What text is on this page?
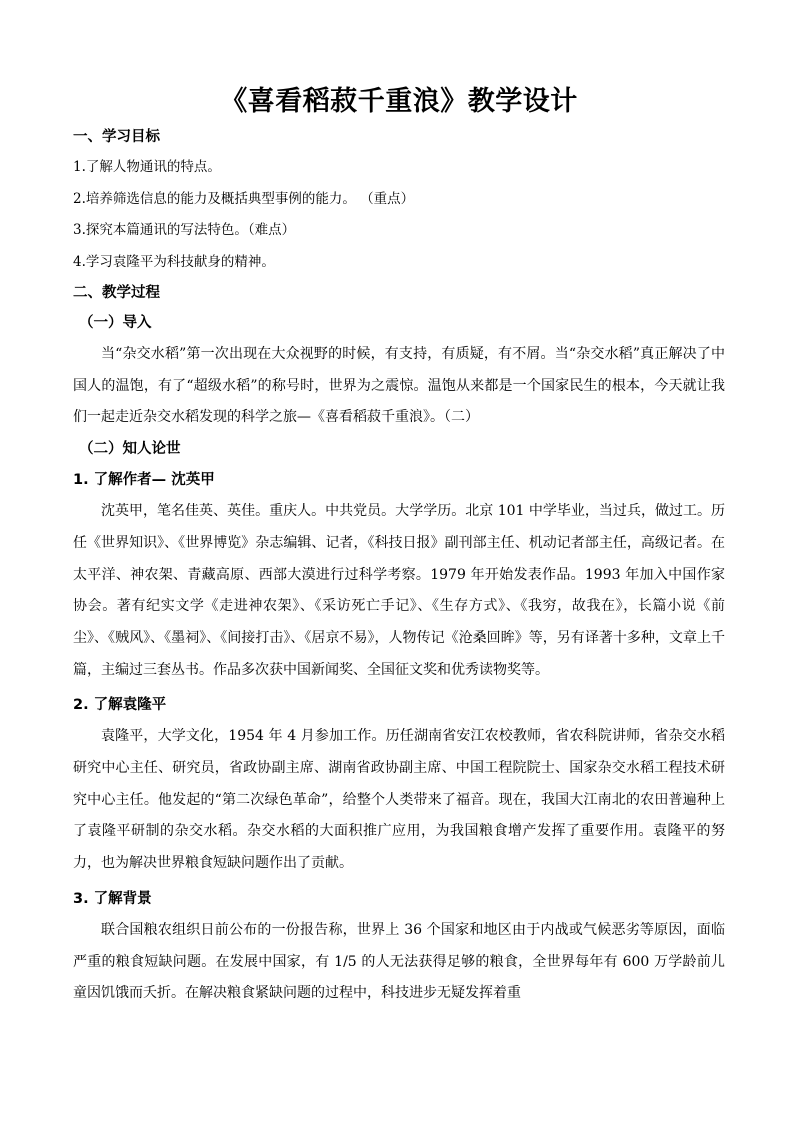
《喜看稻菽千重浪》教学设计
一、学习目标
1.了解人物通讯的特点。
2.培养筛选信息的能力及概括典型事例的能力。 （重点）
3.探究本篇通讯的写法特色。（难点）
4.学习袁隆平为科技献身的精神。
二、教学过程
（一）导入

当“杂交水稻”第一次出现在大众视野的时候，有支持，有质疑，有不屑。当“杂交水稻”真正解决了中国人的温饱，有了“超级水稻”的称号时，世界为之震惊。温饱从来都是一个国家民生的根本，今天就让我们一起走近杂交水稻发现的科学之旅—《喜看稻菽千重浪》。（二）

（二）知人论世
1. 了解作者— 沈英甲

沈英甲，笔名佳英、英佳。重庆人。中共党员。大学学历。北京 101 中学毕业，当过兵，做过工。历任《世界知识》、《世界博览》杂志编辑、记者，《科技日报》副刊部主任、机动记者部主任，高级记者。在太平洋、神农架、青藏高原、西部大漠进行过科学考察。1979 年开始发表作品。1993 年加入中国作家协会。著有纪实文学《走进神农架》、《采访死亡手记》、《生存方式》、《我穷，故我在》，长篇小说《前尘》、《贼风》、《墨祠》、《间接打击》、《居京不易》，人物传记《沧桑回眸》等，另有译著十多种，文章上千篇，主编过三套丛书。作品多次获中国新闻奖、全国征文奖和优秀读物奖等。

2. 了解袁隆平

袁隆平，大学文化，1954 年 4 月参加工作。历任湖南省安江农校教师，省农科院讲师，省杂交水稻研究中心主任、研究员，省政协副主席、湖南省政协副主席、中国工程院院士、国家杂交水稻工程技术研究中心主任。他发起的“第二次绿色革命”，给整个人类带来了福音。现在，我国大江南北的农田普遍种上了袁隆平研制的杂交水稻。杂交水稻的大面积推广应用，为我国粮食增产发挥了重要作用。袁隆平的努力，也为解决世界粮食短缺问题作出了贡献。

3. 了解背景

联合国粮农组织日前公布的一份报告称，世界上 36 个国家和地区由于内战或气候恶劣等原因，面临严重的粮食短缺问题。在发展中国家，有 1/5 的人无法获得足够的粮食，全世界每年有 600 万学龄前儿童因饥饿而夭折。在解决粮食紧缺问题的过程中，科技进步无疑发挥着重
